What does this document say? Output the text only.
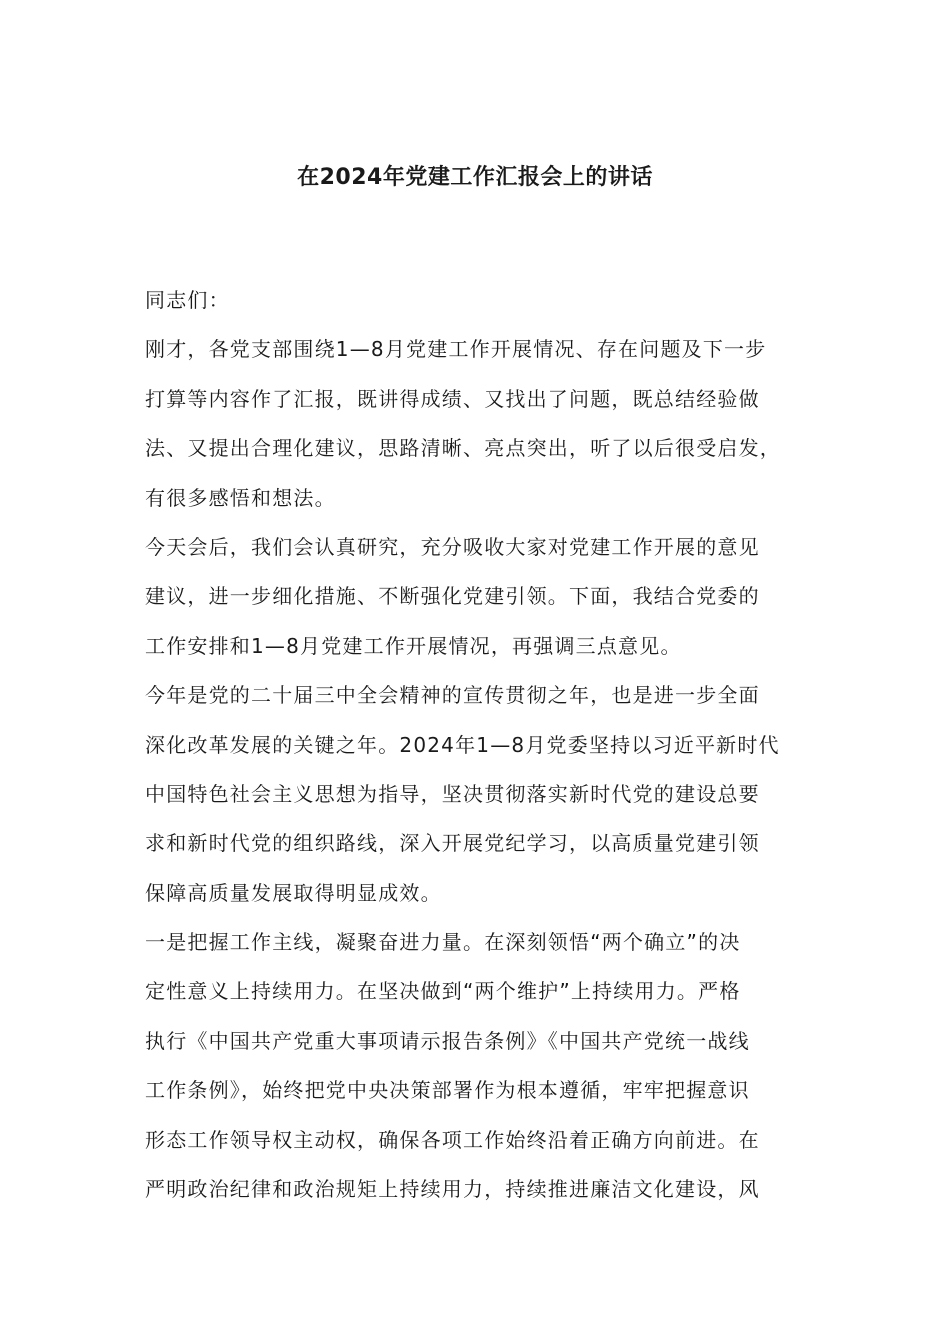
在2024年党建工作汇报会上的讲话
同志们：
刚才，各党支部围绕1—8月党建工作开展情况、存在问题及下一步
打算等内容作了汇报，既讲得成绩、又找出了问题，既总结经验做
法、又提出合理化建议，思路清晰、亮点突出，听了以后很受启发，
有很多感悟和想法。
今天会后，我们会认真研究，充分吸收大家对党建工作开展的意见
建议，进一步细化措施、不断强化党建引领。下面，我结合党委的
工作安排和1—8月党建工作开展情况，再强调三点意见。
今年是党的二十届三中全会精神的宣传贯彻之年，也是进一步全面
深化改革发展的关键之年。2024年1—8月党委坚持以习近平新时代
中国特色社会主义思想为指导，坚决贯彻落实新时代党的建设总要
求和新时代党的组织路线，深入开展党纪学习，以高质量党建引领
保障高质量发展取得明显成效。
一是把握工作主线，凝聚奋进力量。在深刻领悟“两个确立”的决
定性意义上持续用力。在坚决做到“两个维护”上持续用力。严格
执行《中国共产党重大事项请示报告条例》《中国共产党统一战线
工作条例》，始终把党中央决策部署作为根本遵循，牢牢把握意识
形态工作领导权主动权，确保各项工作始终沿着正确方向前进。在
严明政治纪律和政治规矩上持续用力，持续推进廉洁文化建设，风
